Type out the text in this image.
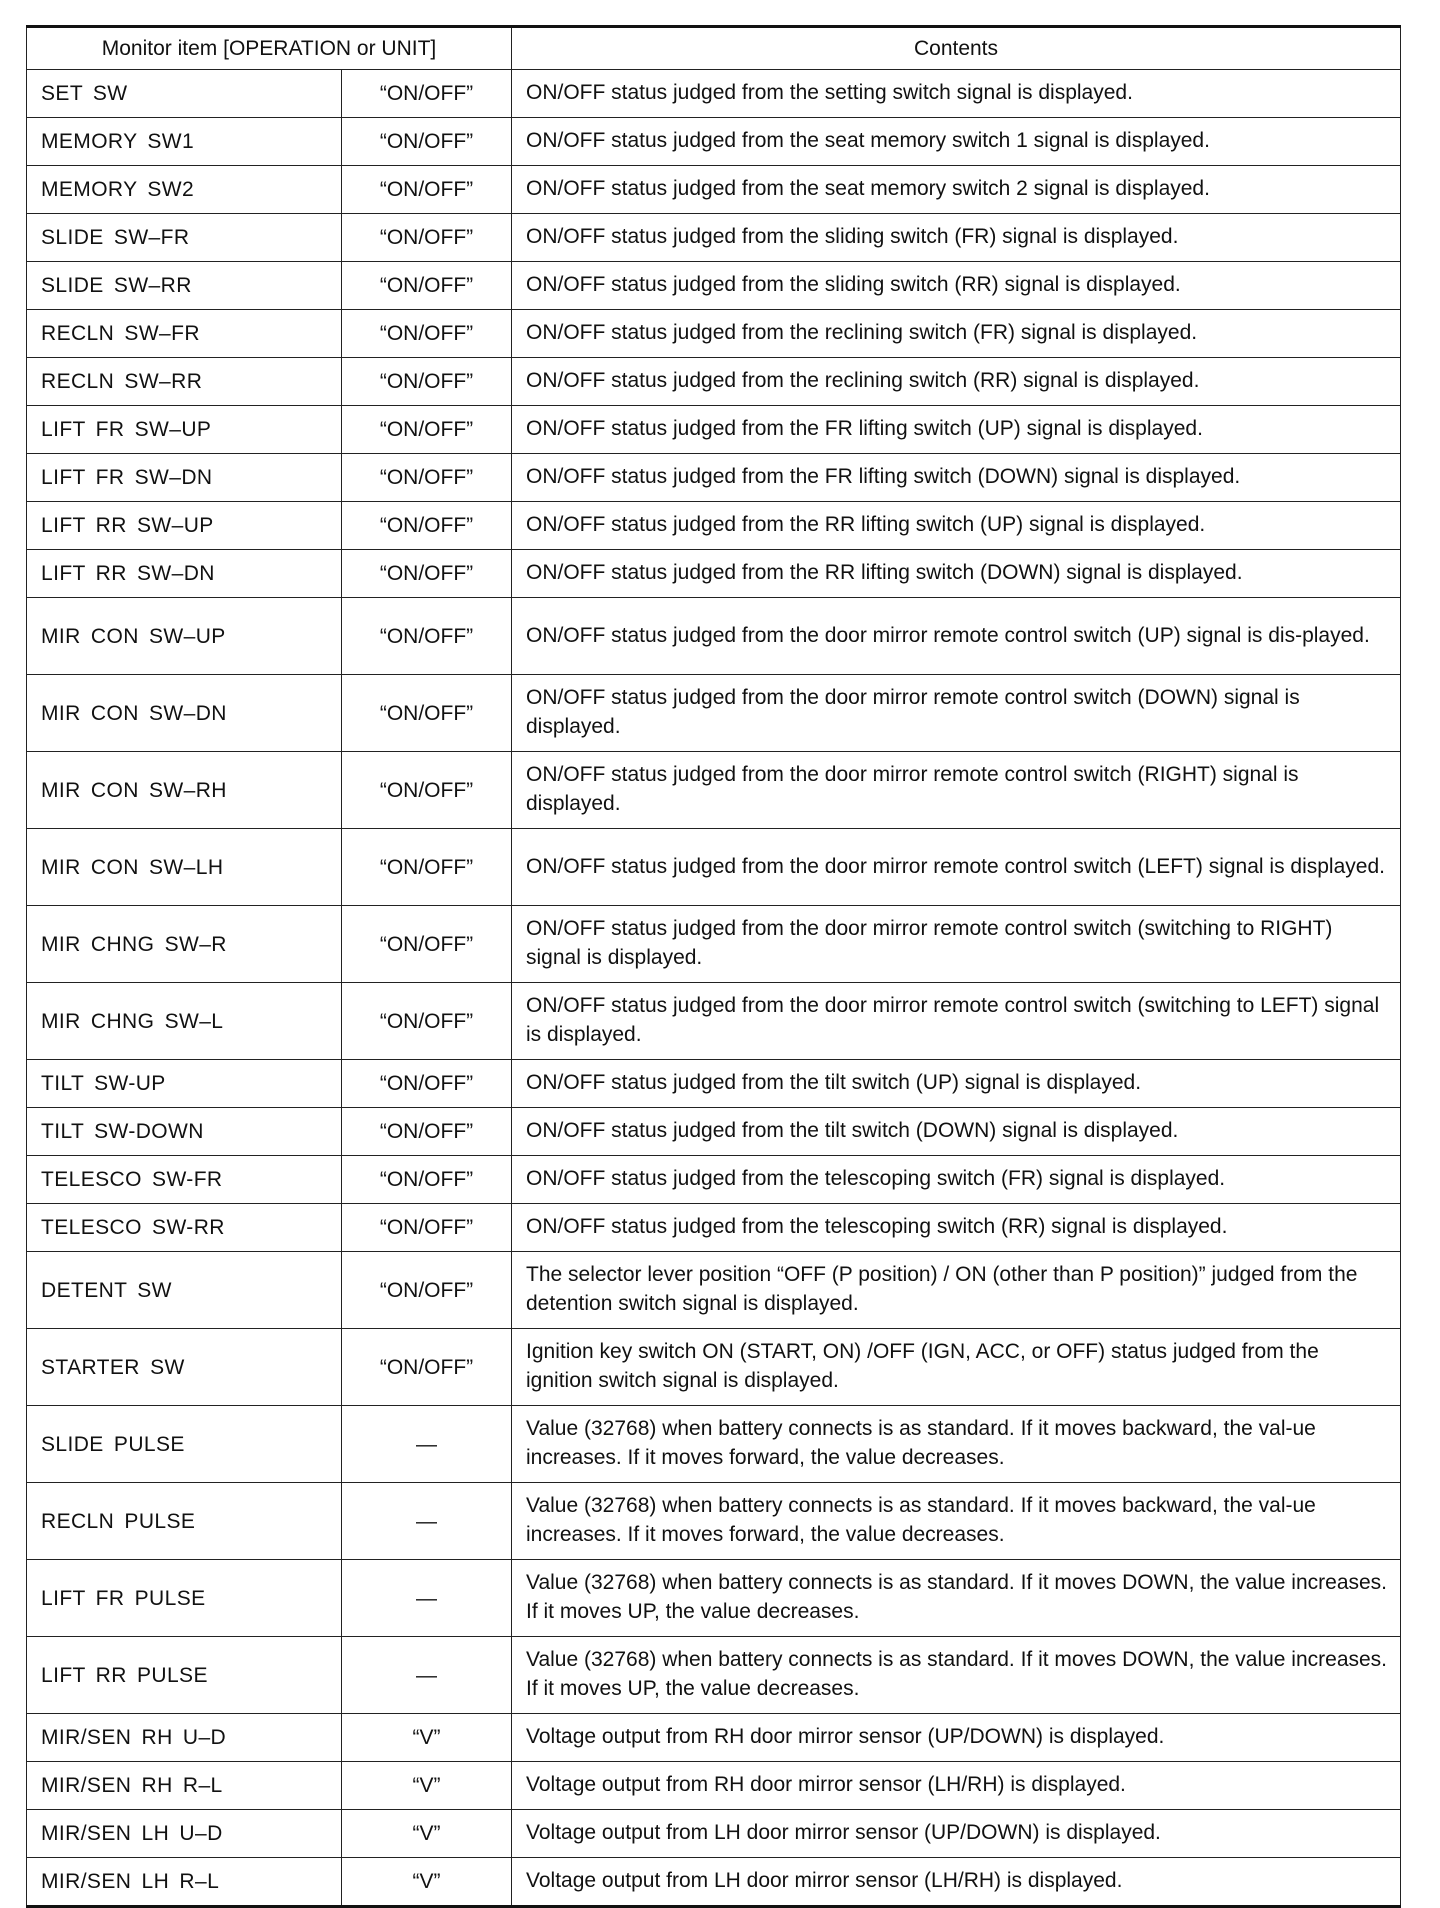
Monitor item [OPERATION or UNIT]		Contents
SET SW	“ON/OFF”	ON/OFF status judged from the setting switch signal is displayed.
MEMORY SW1	“ON/OFF”	ON/OFF status judged from the seat memory switch 1 signal is displayed.
MEMORY SW2	“ON/OFF”	ON/OFF status judged from the seat memory switch 2 signal is displayed.
SLIDE SW–FR	“ON/OFF”	ON/OFF status judged from the sliding switch (FR) signal is displayed.
SLIDE SW–RR	“ON/OFF”	ON/OFF status judged from the sliding switch (RR) signal is displayed.
RECLN SW–FR	“ON/OFF”	ON/OFF status judged from the reclining switch (FR) signal is displayed.
RECLN SW–RR	“ON/OFF”	ON/OFF status judged from the reclining switch (RR) signal is displayed.
LIFT FR SW–UP	“ON/OFF”	ON/OFF status judged from the FR lifting switch (UP) signal is displayed.
LIFT FR SW–DN	“ON/OFF”	ON/OFF status judged from the FR lifting switch (DOWN) signal is displayed.
LIFT RR SW–UP	“ON/OFF”	ON/OFF status judged from the RR lifting switch (UP) signal is displayed.
LIFT RR SW–DN	“ON/OFF”	ON/OFF status judged from the RR lifting switch (DOWN) signal is displayed.
MIR CON SW–UP	“ON/OFF”	ON/OFF status judged from the door mirror remote control switch (UP) signal is dis-played.
MIR CON SW–DN	“ON/OFF”	ON/OFF status judged from the door mirror remote control switch (DOWN) signal is displayed.
MIR CON SW–RH	“ON/OFF”	ON/OFF status judged from the door mirror remote control switch (RIGHT) signal is displayed.
MIR CON SW–LH	“ON/OFF”	ON/OFF status judged from the door mirror remote control switch (LEFT) signal is displayed.
MIR CHNG SW–R	“ON/OFF”	ON/OFF status judged from the door mirror remote control switch (switching to RIGHT) signal is displayed.
MIR CHNG SW–L	“ON/OFF”	ON/OFF status judged from the door mirror remote control switch (switching to LEFT) signal is displayed.
TILT SW-UP	“ON/OFF”	ON/OFF status judged from the tilt switch (UP) signal is displayed.
TILT SW-DOWN	“ON/OFF”	ON/OFF status judged from the tilt switch (DOWN) signal is displayed.
TELESCO SW-FR	“ON/OFF”	ON/OFF status judged from the telescoping switch (FR) signal is displayed.
TELESCO SW-RR	“ON/OFF”	ON/OFF status judged from the telescoping switch (RR) signal is displayed.
DETENT SW	“ON/OFF”	The selector lever position “OFF (P position) / ON (other than P position)” judged from the detention switch signal is displayed.
STARTER SW	“ON/OFF”	Ignition key switch ON (START, ON) /OFF (IGN, ACC, or OFF) status judged from the ignition switch signal is displayed.
SLIDE PULSE	—	Value (32768) when battery connects is as standard. If it moves backward, the val-ue increases. If it moves forward, the value decreases.
RECLN PULSE	—	Value (32768) when battery connects is as standard. If it moves backward, the val-ue increases. If it moves forward, the value decreases.
LIFT FR PULSE	—	Value (32768) when battery connects is as standard. If it moves DOWN, the value increases. If it moves UP, the value decreases.
LIFT RR PULSE	—	Value (32768) when battery connects is as standard. If it moves DOWN, the value increases. If it moves UP, the value decreases.
MIR/SEN RH U–D	“V”	Voltage output from RH door mirror sensor (UP/DOWN) is displayed.
MIR/SEN RH R–L	“V”	Voltage output from RH door mirror sensor (LH/RH) is displayed.
MIR/SEN LH U–D	“V”	Voltage output from LH door mirror sensor (UP/DOWN) is displayed.
MIR/SEN LH R–L	“V”	Voltage output from LH door mirror sensor (LH/RH) is displayed.
